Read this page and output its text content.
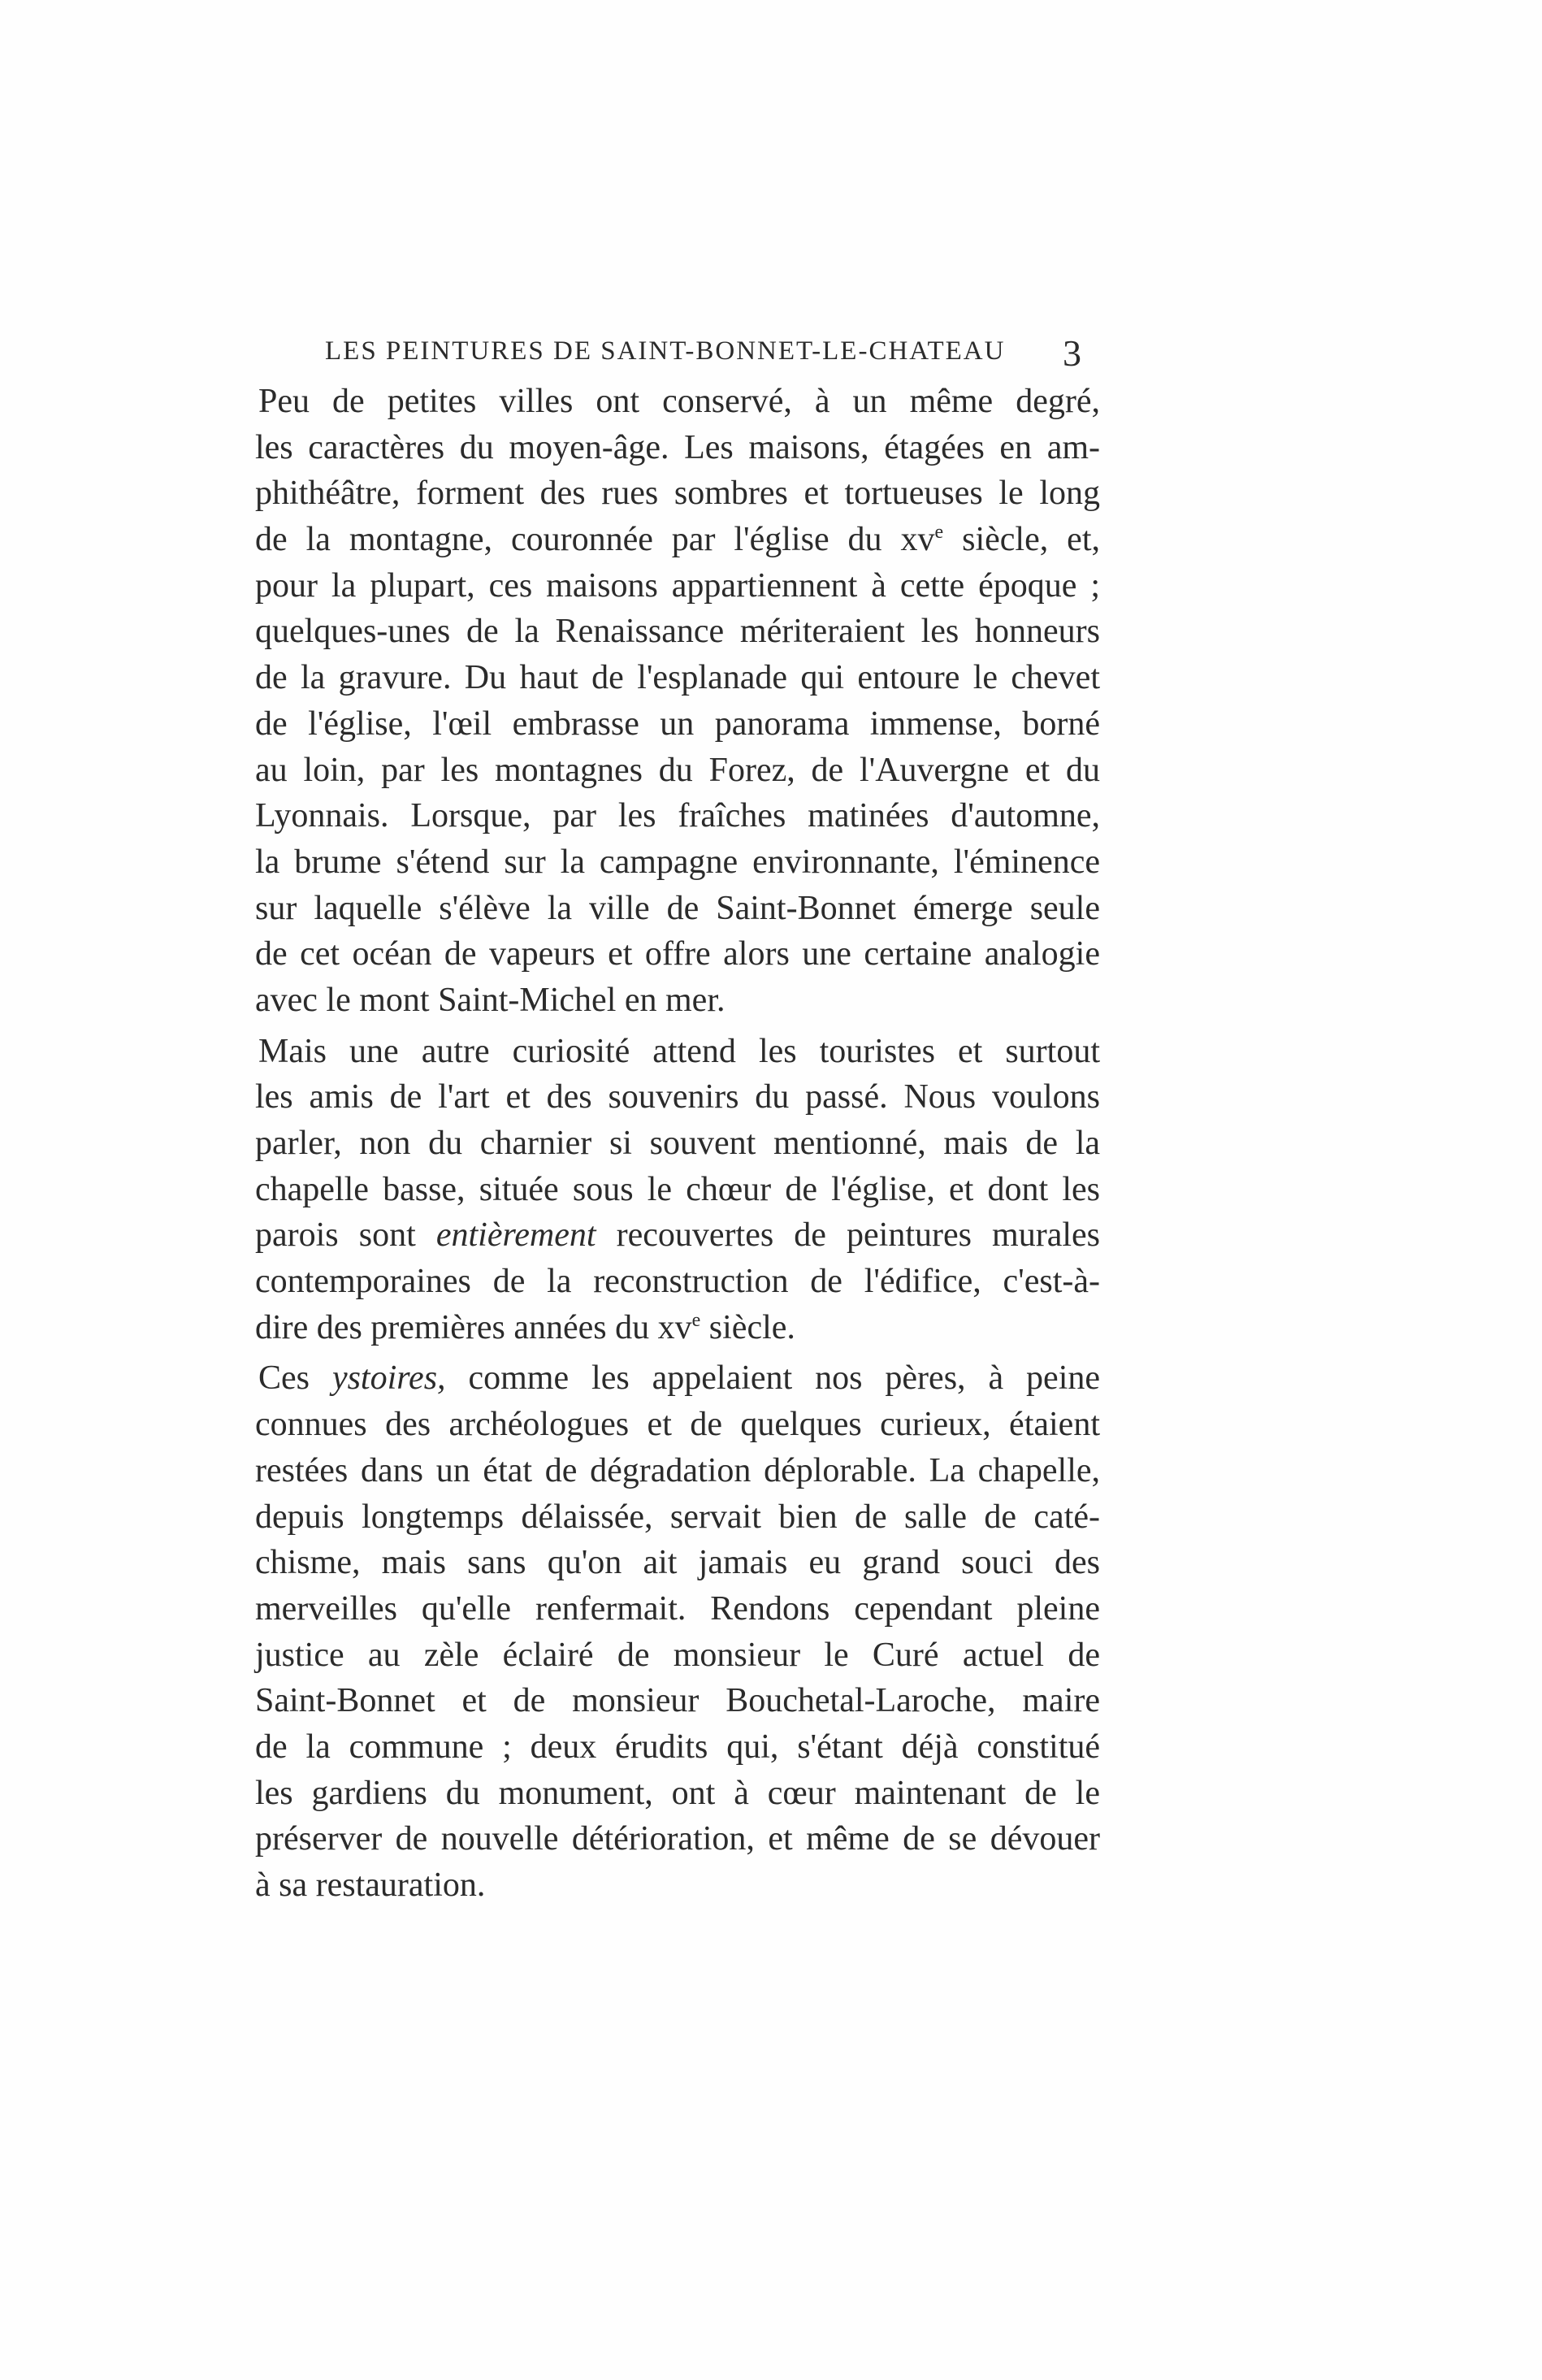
LES PEINTURES DE SAINT-BONNET-LE-CHATEAU 3
Peu de petites villes ont conservé, à un même degré,
les caractères du moyen-âge. Les maisons, étagées en am-
phithéâtre, forment des rues sombres et tortueuses le long
de la montagne, couronnée par l'église du $xv^e$ siècle, et,
pour la plupart, ces maisons appartiennent à cette époque ;
quelques-unes de la Renaissance mériteraient les honneurs
de la gravure. Du haut de l'esplanade qui entoure le chevet
de l'église, l'œil embrasse un panorama immense, borné
au loin, par les montagnes du Forez, de l'Auvergne et du
Lyonnais. Lorsque, par les fraîches matinées d'automne,
la brume s'étend sur la campagne environnante, l'éminence
sur laquelle s'élève la ville de Saint-Bonnet émerge seule
de cet océan de vapeurs et offre alors une certaine analogie
avec le mont Saint-Michel en mer.
Mais une autre curiosité attend les touristes et surtout
les amis de l'art et des souvenirs du passé. Nous voulons
parler, non du charnier si souvent mentionné, mais de la
chapelle basse, située sous le chœur de l'église, et dont les
parois sont entièrement recouvertes de peintures murales
contemporaines de la reconstruction de l'édifice, c'est-à-
dire des premières années du $xv^e$ siècle.
Ces ystoires, comme les appelaient nos pères, à peine
connues des archéologues et de quelques curieux, étaient
restées dans un état de dégradation déplorable. La chapelle,
depuis longtemps délaissée, servait bien de salle de caté-
chisme, mais sans qu'on ait jamais eu grand souci des
merveilles qu'elle renfermait. Rendons cependant pleine
justice au zèle éclairé de monsieur le Curé actuel de
Saint-Bonnet et de monsieur Bouchetal-Laroche, maire
de la commune ; deux érudits qui, s'étant déjà constitué
les gardiens du monument, ont à cœur maintenant de le
préserver de nouvelle détérioration, et même de se dévouer
à sa restauration.
